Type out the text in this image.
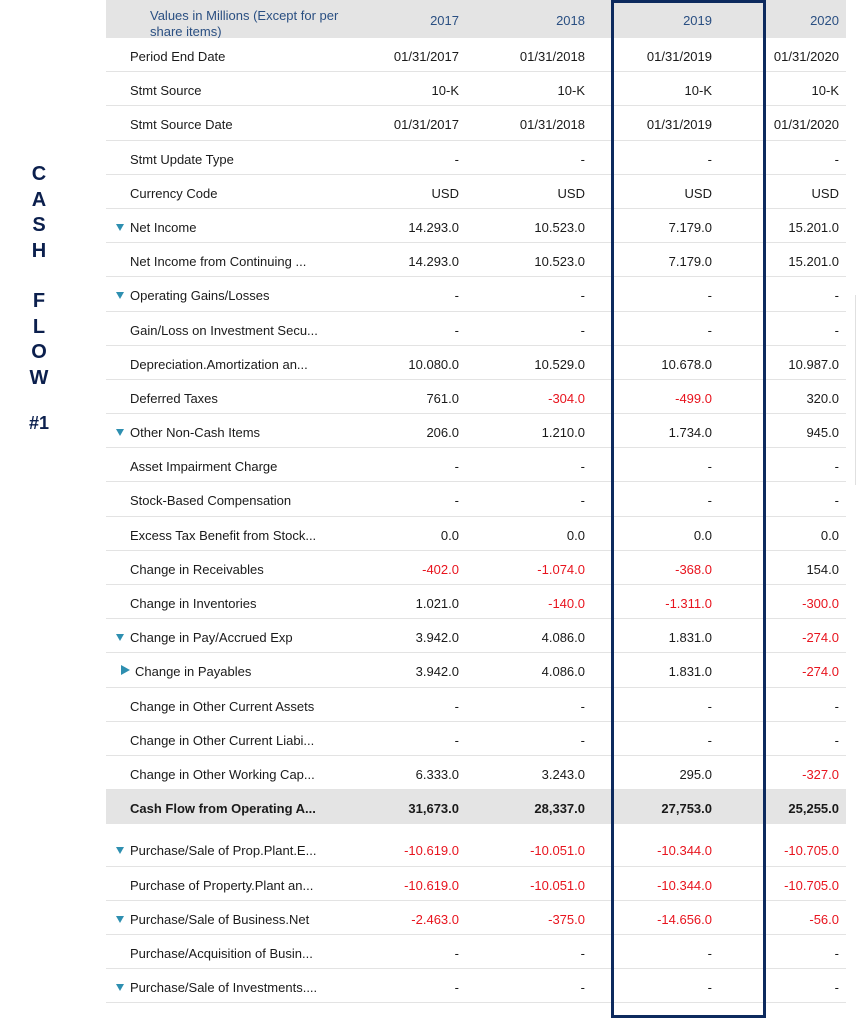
C
A
S
H
F
L
O
W
#1
Values in Millions (Except for per share items)
2017	2018	2019	2020
Period End Date	01/31/2017	01/31/2018	01/31/2019	01/31/2020
Stmt Source	10-K	10-K	10-K	10-K
Stmt Source Date	01/31/2017	01/31/2018	01/31/2019	01/31/2020
Stmt Update Type	-	-	-	-
Currency Code	USD	USD	USD	USD
Net Income	14.293.0	10.523.0	7.179.0	15.201.0
Net Income from Continuing ...	14.293.0	10.523.0	7.179.0	15.201.0
Operating Gains/Losses	-	-	-	-
Gain/Loss on Investment Secu...	-	-	-	-
Depreciation.Amortization an...	10.080.0	10.529.0	10.678.0	10.987.0
Deferred Taxes	761.0	-304.0	-499.0	320.0
Other Non-Cash Items	206.0	1.210.0	1.734.0	945.0
Asset Impairment Charge	-	-	-	-
Stock-Based Compensation	-	-	-	-
Excess Tax Benefit from Stock...	0.0	0.0	0.0	0.0
Change in Receivables	-402.0	-1.074.0	-368.0	154.0
Change in Inventories	1.021.0	-140.0	-1.311.0	-300.0
Change in Pay/Accrued Exp	3.942.0	4.086.0	1.831.0	-274.0
Change in Payables	3.942.0	4.086.0	1.831.0	-274.0
Change in Other Current Assets	-	-	-	-
Change in Other Current Liabi...	-	-	-	-
Change in Other Working Cap...	6.333.0	3.243.0	295.0	-327.0
Cash Flow from Operating A...	31,673.0	28,337.0	27,753.0	25,255.0
Purchase/Sale of Prop.Plant.E...	-10.619.0	-10.051.0	-10.344.0	-10.705.0
Purchase of Property.Plant an...	-10.619.0	-10.051.0	-10.344.0	-10.705.0
Purchase/Sale of Business.Net	-2.463.0	-375.0	-14.656.0	-56.0
Purchase/Acquisition of Busin...	-	-	-	-
Purchase/Sale of Investments....	-	-	-	-
